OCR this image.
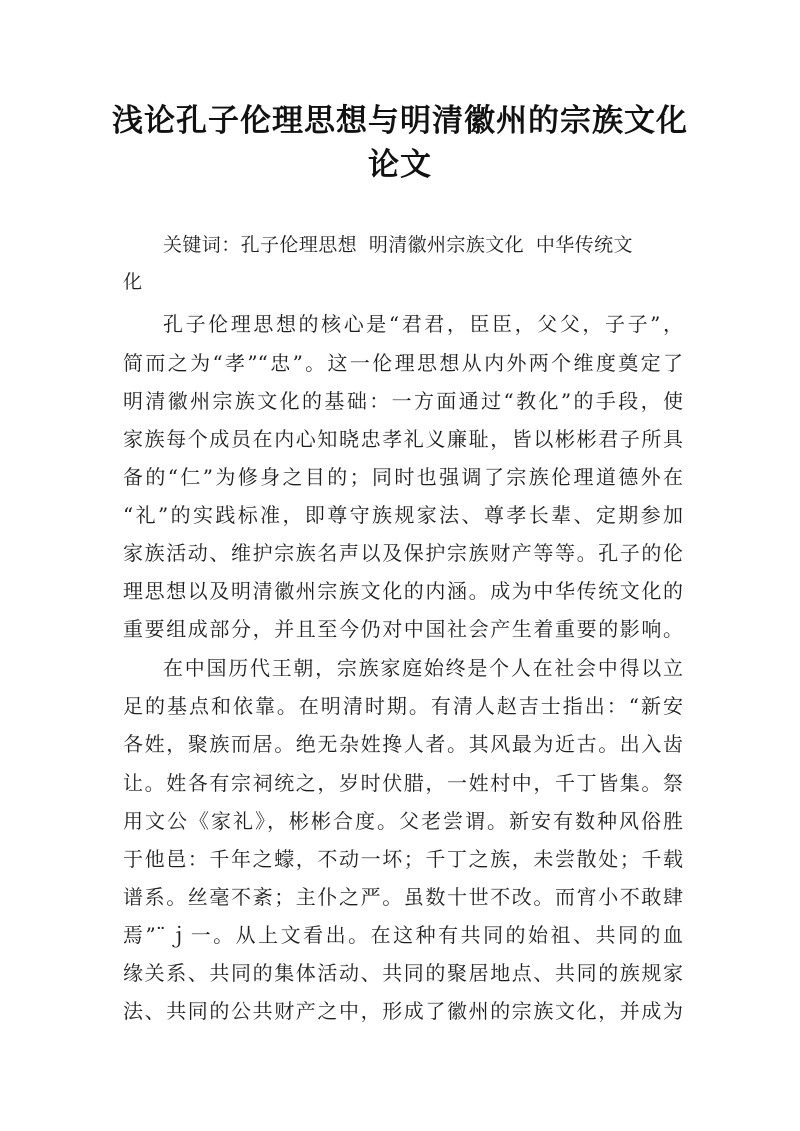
浅论孔子伦理思想与明清徽州的宗族文化
论文
关键词：孔子伦理思想 明清徽州宗族文化 中华传统文
化
孔子伦理思想的核心是“君君，臣臣，父父，子子”，
简而之为“孝”“忠”。这一伦理思想从内外两个维度奠定了
明清徽州宗族文化的基础：一方面通过“教化”的手段，使
家族每个成员在内心知晓忠孝礼义廉耻，皆以彬彬君子所具
备的“仁”为修身之目的；同时也强调了宗族伦理道德外在
“礼”的实践标准，即尊守族规家法、尊孝长辈、定期参加
家族活动、维护宗族名声以及保护宗族财产等等。孔子的伦
理思想以及明清徽州宗族文化的内涵。成为中华传统文化的
重要组成部分，并且至今仍对中国社会产生着重要的影响。
在中国历代王朝，宗族家庭始终是个人在社会中得以立
足的基点和依靠。在明清时期。有清人赵吉士指出：“新安
各姓，聚族而居。绝无杂姓搀人者。其风最为近古。出入齿
让。姓各有宗祠统之，岁时伏腊，一姓村中，千丁皆集。祭
用文公《家礼》，彬彬合度。父老尝谓。新安有数种风俗胜
于他邑：千年之蠓，不动一坏；千丁之族，未尝散处；千载
谱系。丝毫不紊；主仆之严。虽数十世不改。而宵小不敢肆
焉”¨ｊ一。从上文看出。在这种有共同的始祖、共同的血
缘关系、共同的集体活动、共同的聚居地点、共同的族规家
法、共同的公共财产之中，形成了徽州的宗族文化，并成为
